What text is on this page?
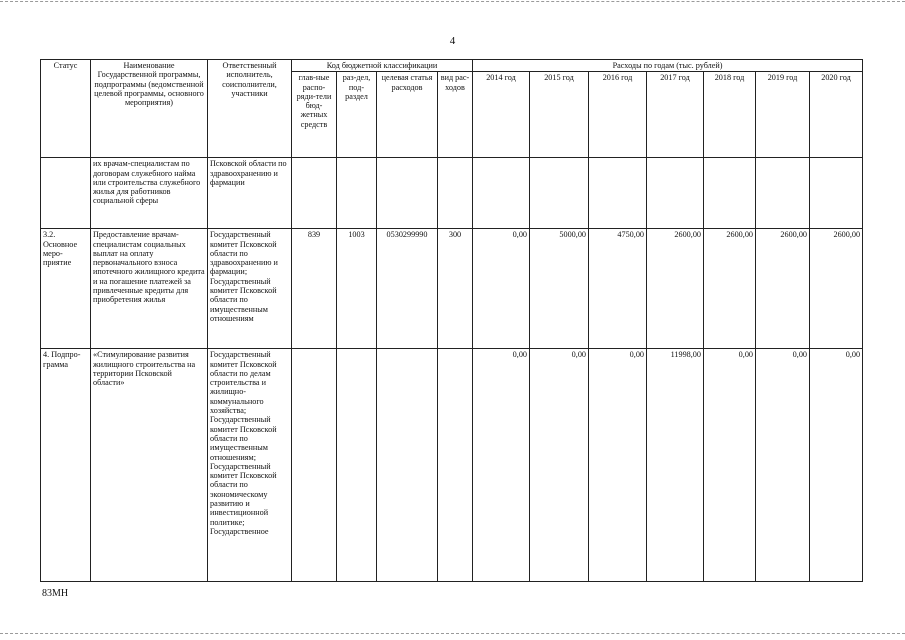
4
Статус	Наименование Государственной программы, подпрограммы (ведомственной целевой программы, основного мероприятия)	Ответственный исполнитель, соисполнители, участники	Код бюджетной классификации				Расходы по годам (тыс. рублей)						
			глав-ные распо-ряди-тели бюд-жетных средств	раз-дел, под-раздел	целевая статья расходов	вид рас-ходов	2014 год	2015 год	2016 год	2017 год	2018 год	2019 год	2020 год
	их врачам-специалистам по договорам служебного найма или строительства служебного жилья для работников социальной сферы	Псковской области по здравоохранению и фармации											
3.2. Основное меро-приятие	Предоставление врачам-специалистам социальных выплат на оплату первоначального взноса ипотечного жилищного кредита и на погашение платежей за привлеченные кредиты для приобретения жилья	Государственный комитет Псковской области по здравоохранению и фармации; Государственный комитет Псковской области по имущественным отношениям	839	1003	0530299990	300	0,00	5000,00	4750,00	2600,00	2600,00	2600,00	2600,00
4. Подпро-грамма	«Стимулирование развития жилищного строительства на территории Псковской области»	Государственный комитет Псковской области по делам строительства и жилищно-коммунального хозяйства; Государственный комитет Псковской области по имущественным отношениям; Государственный комитет Псковской области по экономическому развитию и инвестиционной политике; Государственное					0,00	0,00	0,00	11998,00	0,00	0,00	0,00
83МН
